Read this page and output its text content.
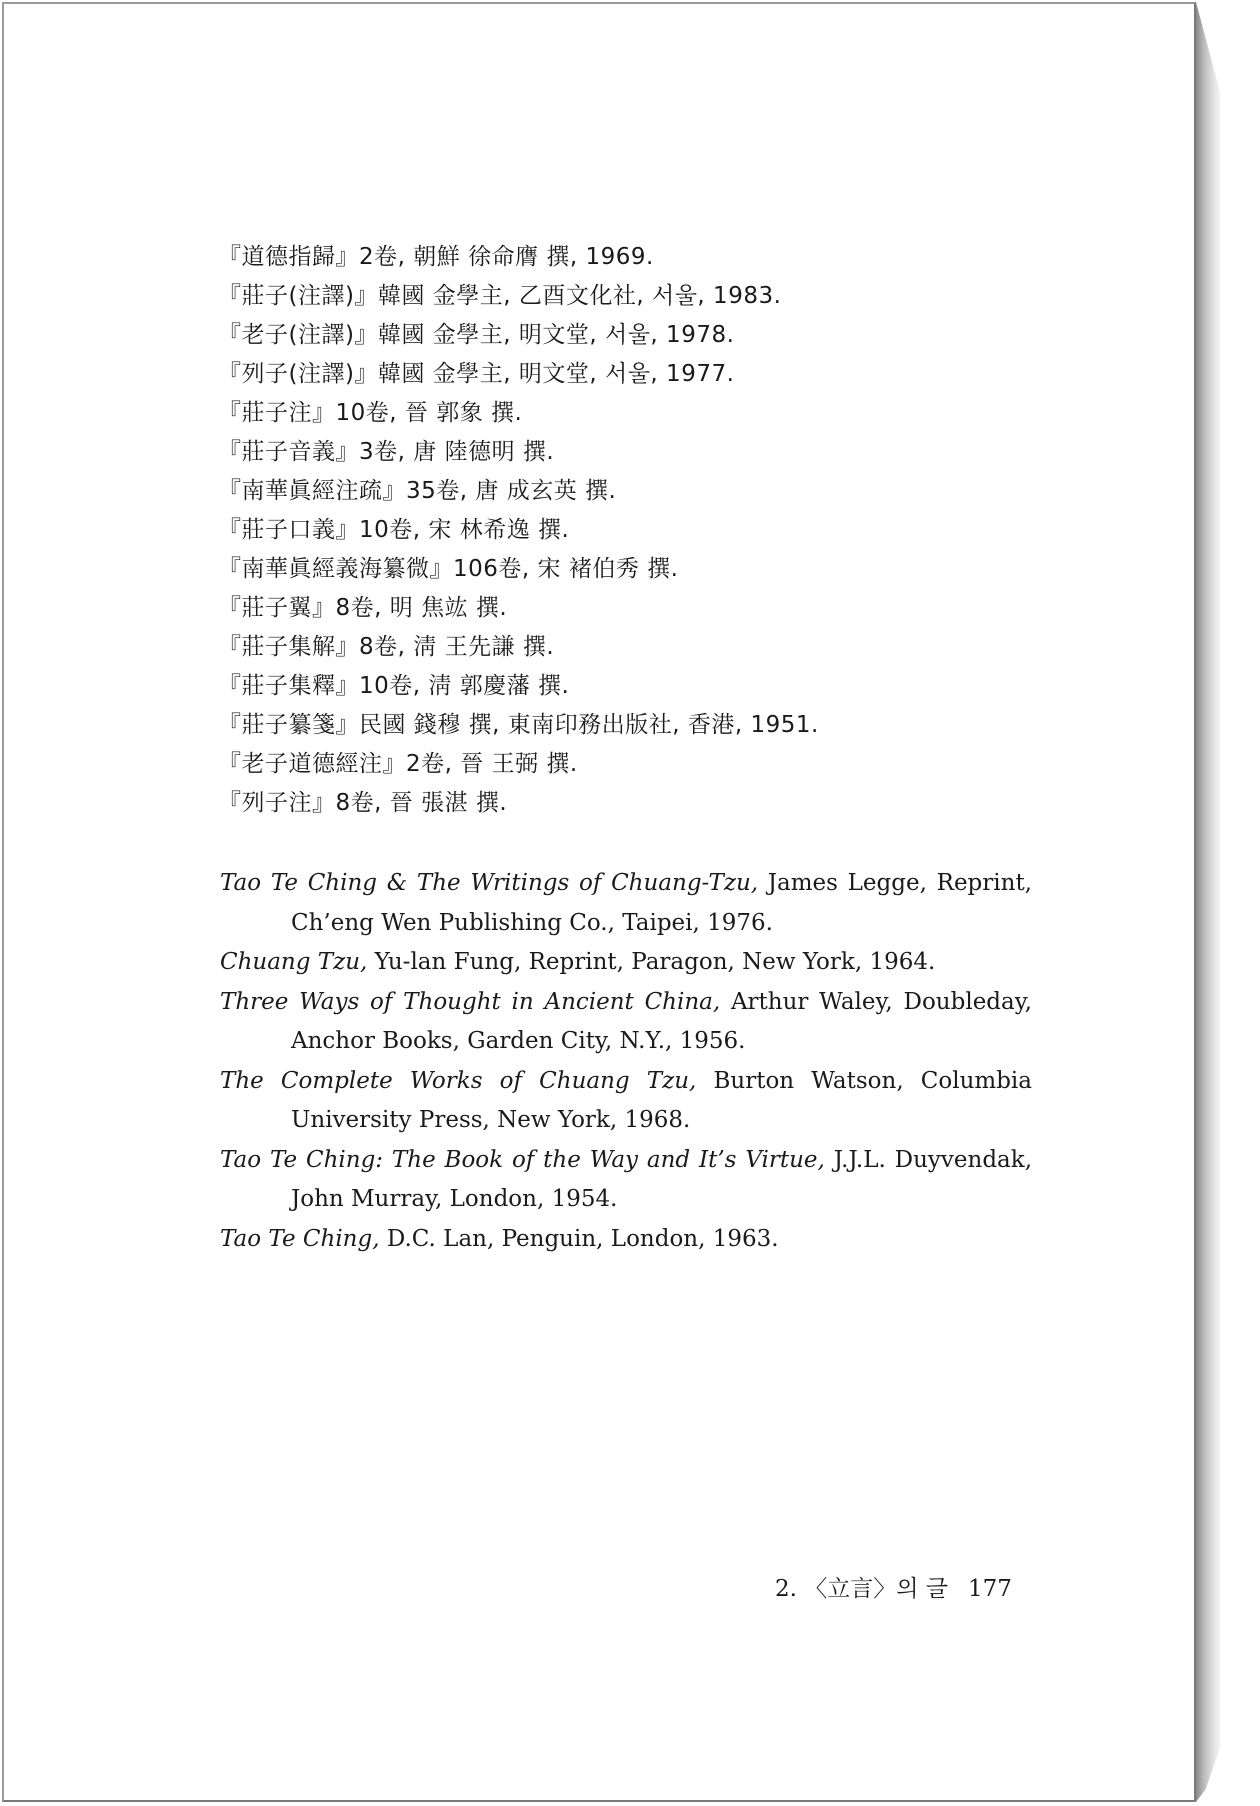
『道德指歸』2卷, 朝鮮 徐命膺 撰, 1969.
『莊子(注譯)』韓國 金學主, 乙酉文化社, 서울, 1983.
『老子(注譯)』韓國 金學主, 明文堂, 서울, 1978.
『列子(注譯)』韓國 金學主, 明文堂, 서울, 1977.
『莊子注』10卷, 晉 郭象 撰.
『莊子音義』3卷, 唐 陸德明 撰.
『南華眞經注疏』35卷, 唐 成玄英 撰.
『莊子口義』10卷, 宋 林希逸 撰.
『南華眞經義海纂微』106卷, 宋 褚伯秀 撰.
『莊子翼』8卷, 明 焦竑 撰.
『莊子集解』8卷, 淸 王先謙 撰.
『莊子集釋』10卷, 淸 郭慶藩 撰.
『莊子纂箋』民國 錢穆 撰, 東南印務出版社, 香港, 1951.
『老子道德經注』2卷, 晉 王弼 撰.
『列子注』8卷, 晉 張湛 撰.
Tao Te Ching & The Writings of Chuang-Tzu, James Legge, Reprint, Ch’eng Wen Publishing Co., Taipei, 1976.
Chuang Tzu, Yu-lan Fung, Reprint, Paragon, New York, 1964.
Three Ways of Thought in Ancient China, Arthur Waley, Doubleday, Anchor Books, Garden City, N.Y., 1956.
The Complete Works of Chuang Tzu, Burton Watson, Columbia University Press, New York, 1968.
Tao Te Ching: The Book of the Way and It’s Virtue, J.J.L. Duyvendak, John Murray, London, 1954.
Tao Te Ching, D.C. Lan, Penguin, London, 1963.
2. 〈立言〉의 글 177
